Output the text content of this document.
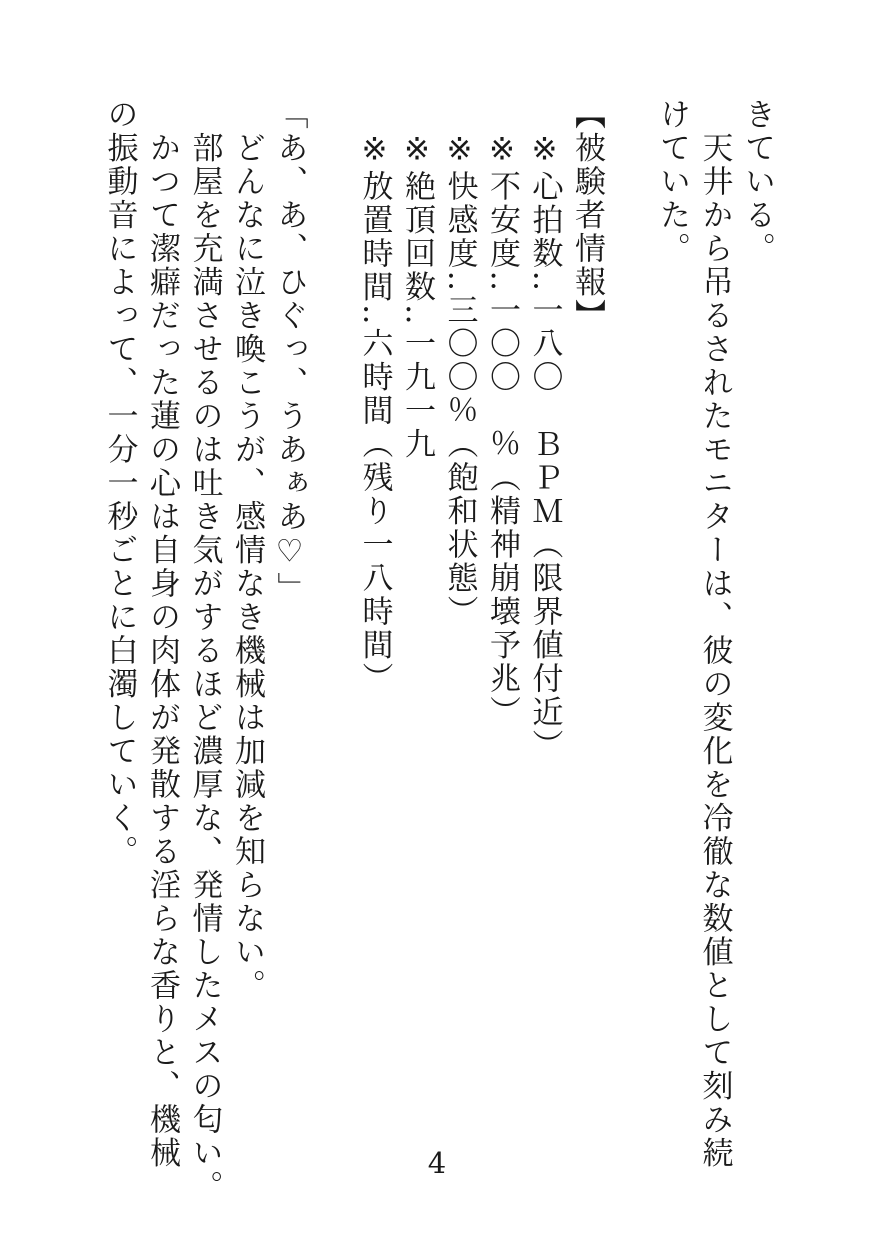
きている。

　天井から吊るされたモニターは、彼の変化を冷徹な数値として刻み続

けていた。

【被験者情報】

　※心拍数‥一八〇　ＢＰＭ（限界値付近）

　※不安度‥一〇〇　％（精神崩壊予兆）

　※快感度‥三〇〇％（飽和状態）

　※絶頂回数‥一九一九

　※放置時間‥六時間（残り一八時間）

「あ、あ、ひぐっ、うあぁあ♡」

　どんなに泣き喚こうが、感情なき機械は加減を知らない。

　部屋を充満させるのは吐き気がするほど濃厚な、発情したメスの匂い。

　かつて潔癖だった蓮の心は自身の肉体が発散する淫らな香りと、機械

の振動音によって、一分一秒ごとに白濁していく。

4
